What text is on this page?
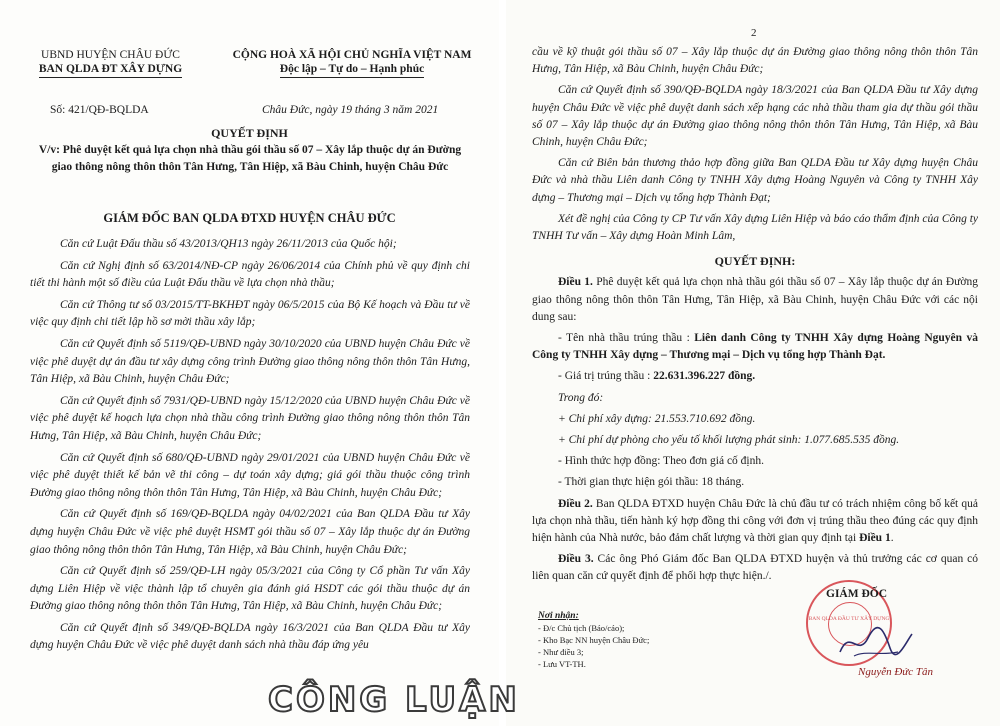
UBND HUYỆN CHÂU ĐỨC
BAN QLDA ĐT XÂY DỰNG
CỘNG HOÀ XÃ HỘI CHỦ NGHĨA VIỆT NAM
Độc lập – Tự do – Hạnh phúc
Số: 421/QĐ-BQLDA	Châu Đức, ngày 19 tháng 3 năm 2021
QUYẾT ĐỊNH
V/v: Phê duyệt kết quả lựa chọn nhà thầu gói thầu số 07 – Xây lắp thuộc dự án Đường giao thông nông thôn thôn Tân Hưng, Tân Hiệp, xã Bàu Chinh, huyện Châu Đức
GIÁM ĐỐC BAN QLDA ĐTXD HUYỆN CHÂU ĐỨC

Căn cứ Luật Đấu thầu số 43/2013/QH13 ngày 26/11/2013 của Quốc hội;

Căn cứ Nghị định số 63/2014/NĐ-CP ngày 26/06/2014 của Chính phủ về quy định chi tiết thi hành một số điều của Luật Đấu thầu về lựa chọn nhà thầu;

Căn cứ Thông tư số 03/2015/TT-BKHĐT ngày 06/5/2015 của Bộ Kế hoạch và Đầu tư về việc quy định chi tiết lập hồ sơ mời thầu xây lắp;

Căn cứ Quyết định số 5119/QĐ-UBND ngày 30/10/2020 của UBND huyện Châu Đức về việc phê duyệt dự án đầu tư xây dựng công trình Đường giao thông nông thôn thôn Tân Hưng, Tân Hiệp, xã Bàu Chinh, huyện Châu Đức;

Căn cứ Quyết định số 7931/QĐ-UBND ngày 15/12/2020 của UBND huyện Châu Đức về việc phê duyệt kế hoạch lựa chọn nhà thầu công trình Đường giao thông nông thôn thôn Tân Hưng, Tân Hiệp, xã Bàu Chinh, huyện Châu Đức;

Căn cứ Quyết định số 680/QĐ-UBND ngày 29/01/2021 của UBND huyện Châu Đức về việc phê duyệt thiết kế bản vẽ thi công – dự toán xây dựng; giá gói thầu thuộc công trình Đường giao thông nông thôn thôn Tân Hưng, Tân Hiệp, xã Bàu Chinh, huyện Châu Đức;

Căn cứ Quyết định số 169/QĐ-BQLDA ngày 04/02/2021 của Ban QLDA Đầu tư Xây dựng huyện Châu Đức về việc phê duyệt HSMT gói thầu số 07 – Xây lắp thuộc dự án Đường giao thông nông thôn thôn Tân Hưng, Tân Hiệp, xã Bàu Chinh, huyện Châu Đức;

Căn cứ Quyết định số 259/QĐ-LH ngày 05/3/2021 của Công ty Cổ phần Tư vấn Xây dựng Liên Hiệp về việc thành lập tổ chuyên gia đánh giá HSDT các gói thầu thuộc dự án Đường giao thông nông thôn thôn Tân Hưng, Tân Hiệp, xã Bàu Chinh, huyện Châu Đức;

Căn cứ Quyết định số 349/QĐ-BQLDA ngày 16/3/2021 của Ban QLDA Đầu tư Xây dựng huyện Châu Đức về việc phê duyệt danh sách nhà thầu đáp ứng yêu

2

cầu về kỹ thuật gói thầu số 07 – Xây lắp thuộc dự án Đường giao thông nông thôn thôn Tân Hưng, Tân Hiệp, xã Bàu Chinh, huyện Châu Đức;

Căn cứ Quyết định số 390/QĐ-BQLDA ngày 18/3/2021 của Ban QLDA Đầu tư Xây dựng huyện Châu Đức về việc phê duyệt danh sách xếp hạng các nhà thầu tham gia dự thầu gói thầu số 07 – Xây lắp thuộc dự án Đường giao thông nông thôn thôn Tân Hưng, Tân Hiệp, xã Bàu Chinh, huyện Châu Đức;

Căn cứ Biên bản thương thảo hợp đồng giữa Ban QLDA Đầu tư Xây dựng huyện Châu Đức và nhà thầu Liên danh Công ty TNHH Xây dựng Hoàng Nguyên và Công ty TNHH Xây dựng – Thương mại – Dịch vụ tổng hợp Thành Đạt;

Xét đề nghị của Công ty CP Tư vấn Xây dựng Liên Hiệp và báo cáo thẩm định của Công ty TNHH Tư vấn – Xây dựng Hoàn Minh Lâm,

QUYẾT ĐỊNH:

Điều 1. Phê duyệt kết quả lựa chọn nhà thầu gói thầu số 07 – Xây lắp thuộc dự án Đường giao thông nông thôn thôn Tân Hưng, Tân Hiệp, xã Bàu Chinh, huyện Châu Đức với các nội dung sau:

- Tên nhà thầu trúng thầu : Liên danh Công ty TNHH Xây dựng Hoàng Nguyên và Công ty TNHH Xây dựng – Thương mại – Dịch vụ tổng hợp Thành Đạt.

- Giá trị trúng thầu : 22.631.396.227 đồng.

Trong đó:

+ Chi phí xây dựng: 21.553.710.692 đồng.

+ Chi phí dự phòng cho yếu tố khối lượng phát sinh: 1.077.685.535 đồng.

- Hình thức hợp đồng: Theo đơn giá cố định.

- Thời gian thực hiện gói thầu: 18 tháng.

Điều 2. Ban QLDA ĐTXD huyện Châu Đức là chủ đầu tư có trách nhiệm công bố kết quả lựa chọn nhà thầu, tiến hành ký hợp đồng thi công với đơn vị trúng thầu theo đúng các quy định hiện hành của Nhà nước, bảo đảm chất lượng và thời gian quy định tại Điều 1.

Điều 3. Các ông Phó Giám đốc Ban QLDA ĐTXD huyện và thủ trưởng các cơ quan có liên quan căn cứ quyết định để phối hợp thực hiện./.

Nơi nhận:
- Đ/c Chủ tịch (Báo/cáo);
- Kho Bạc NN huyện Châu Đức;
- Như điều 3;
- Lưu VT-TH.
BAN QLDA ĐẦU TƯ XÂY DỰNG
GIÁM ĐỐC
Nguyễn Đức Tân
CÔNG LUẬN
